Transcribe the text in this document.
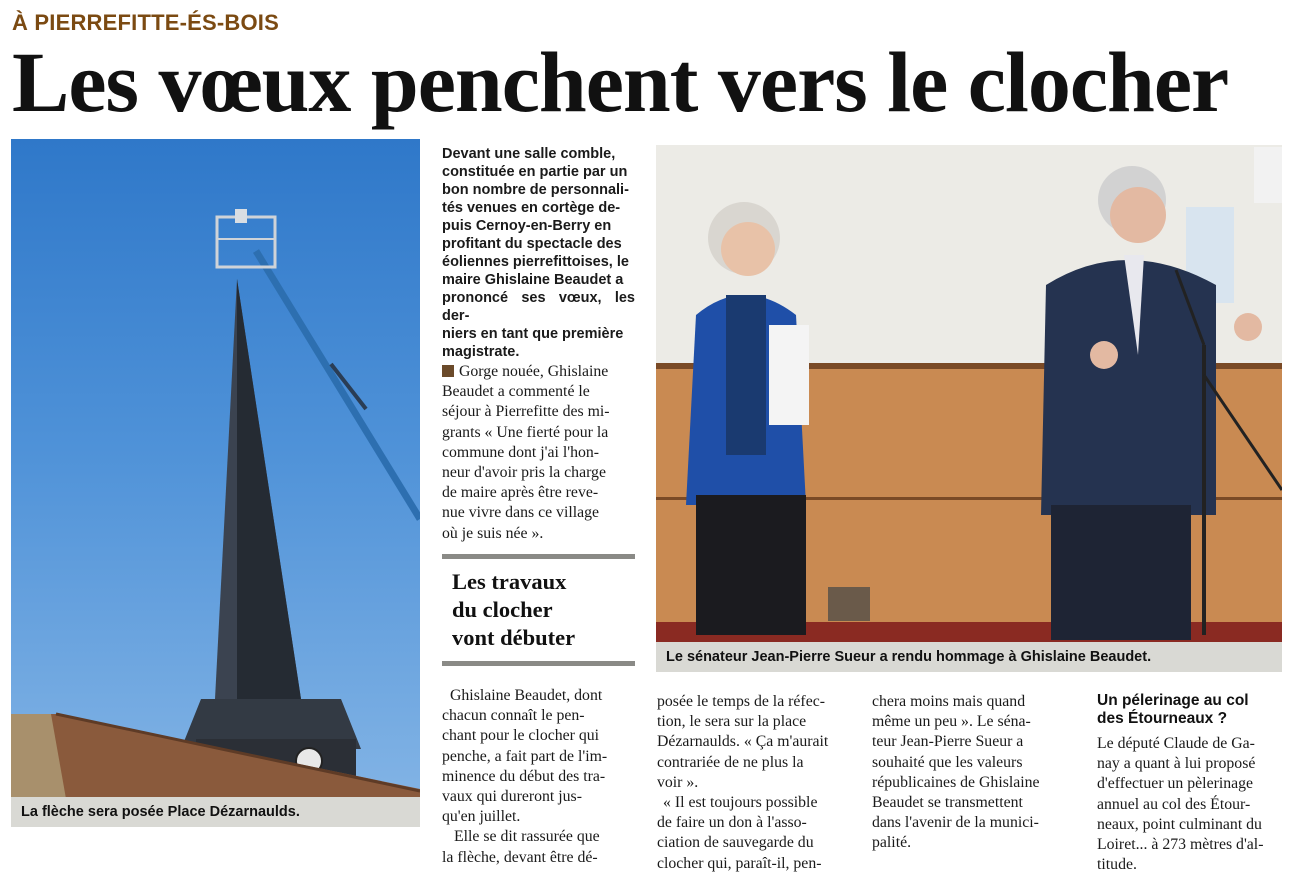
À PIERREFITTE-ÉS-BOIS
Les vœux penchent vers le clocher
La flèche sera posée Place Dézarnaulds.
Devant une salle comble,
constituée en partie par un
bon nombre de personnali-
tés venues en cortège de-
puis Cernoy-en-Berry en
profitant du spectacle des
éoliennes pierrefittoises, le
maire Ghislaine Beaudet a
prononcé ses vœux, les der-
niers en tant que première
magistrate.
Gorge nouée, Ghislaine
Beaudet a commenté le
séjour à Pierrefitte des mi-
grants « Une fierté pour la
commune dont j'ai l'hon-
neur d'avoir pris la charge
de maire après être reve-
nue vivre dans ce village
où je suis née ».
Les travaux
du clocher
vont débuter
Le sénateur Jean-Pierre Sueur a rendu hommage à Ghislaine Beaudet.
Ghislaine Beaudet, dont
chacun connaît le pen-
chant pour le clocher qui
penche, a fait part de l'im-
minence du début des tra-
vaux qui dureront jus-
qu'en juillet.
Elle se dit rassurée que
la flèche, devant être dé-
posée le temps de la réfec-
tion, le sera sur la place
Dézarnaulds. « Ça m'aurait
contrariée de ne plus la
voir ».
« Il est toujours possible
de faire un don à l'asso-
ciation de sauvegarde du
clocher qui, paraît-il, pen-
chera moins mais quand
même un peu ». Le séna-
teur Jean-Pierre Sueur a
souhaité que les valeurs
républicaines de Ghislaine
Beaudet se transmettent
dans l'avenir de la munici-
palité.
Un pélerinage au col
des Étourneaux ?
Le député Claude de Ga-
nay a quant à lui proposé
d'effectuer un pèlerinage
annuel au col des Étour-
neaux, point culminant du
Loiret... à 273 mètres d'al-
titude.
